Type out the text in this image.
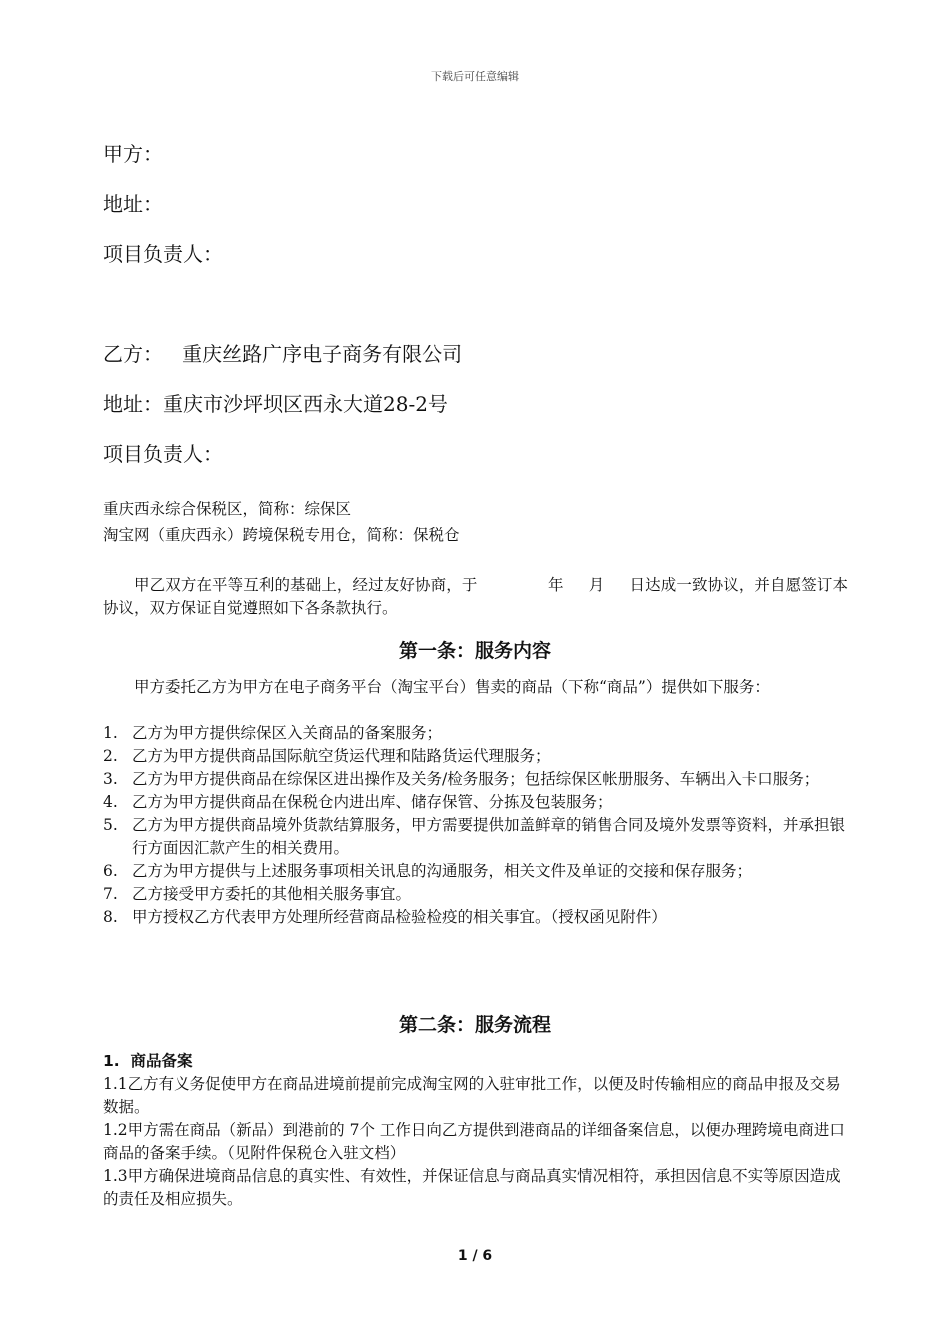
下载后可任意编辑
甲方：
地址：
项目负责人：
乙方：   重庆丝路广序电子商务有限公司
地址：重庆市沙坪坝区西永大道28-2号
项目负责人：
重庆西永综合保税区，简称：综保区
淘宝网（重庆西永）跨境保税专用仓，简称：保税仓
甲乙双方在平等互利的基础上，经过友好协商，于              年     月     日达成一致协议，并自愿签订本协议，双方保证自觉遵照如下各条款执行。
第一条：服务内容
甲方委托乙方为甲方在电子商务平台（淘宝平台）售卖的商品（下称“商品”）提供如下服务：
1. 乙方为甲方提供综保区入关商品的备案服务；
2. 乙方为甲方提供商品国际航空货运代理和陆路货运代理服务；
3. 乙方为甲方提供商品在综保区进出操作及关务/检务服务；包括综保区帐册服务、车辆出入卡口服务；
4. 乙方为甲方提供商品在保税仓内进出库、储存保管、分拣及包装服务；
5. 乙方为甲方提供商品境外货款结算服务，甲方需要提供加盖鲜章的销售合同及境外发票等资料，并承担银行方面因汇款产生的相关费用。
6. 乙方为甲方提供与上述服务事项相关讯息的沟通服务，相关文件及单证的交接和保存服务；
7. 乙方接受甲方委托的其他相关服务事宜。
8. 甲方授权乙方代表甲方处理所经营商品检验检疫的相关事宜。（授权函见附件）
第二条：服务流程
1.  商品备案

1.1乙方有义务促使甲方在商品进境前提前完成淘宝网的入驻审批工作，以便及时传输相应的商品申报及交易数据。

1.2甲方需在商品（新品）到港前的 7个 工作日向乙方提供到港商品的详细备案信息，以便办理跨境电商进口商品的备案手续。（见附件保税仓入驻文档）

1.3甲方确保进境商品信息的真实性、有效性，并保证信息与商品真实情况相符，承担因信息不实等原因造成的责任及相应损失。

1 / 6
